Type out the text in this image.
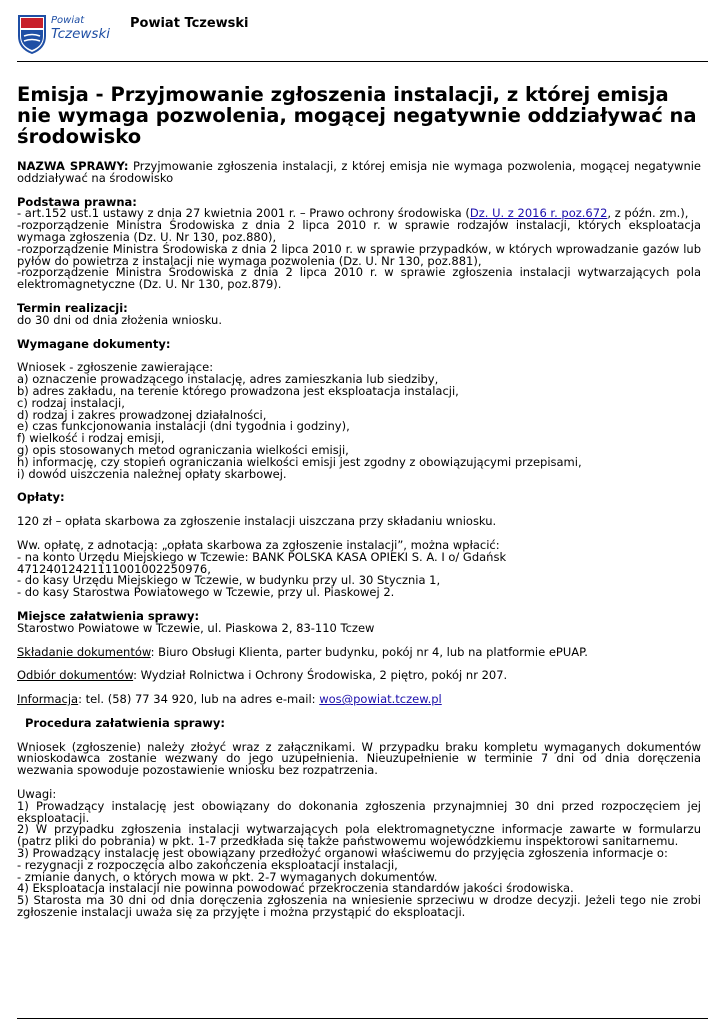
Powiat
Tczewski
Powiat Tczewski
Emisja - Przyjmowanie zgłoszenia instalacji, z której emisja nie wymaga pozwolenia, mogącej negatywnie oddziaływać na środowisko

NAZWA SPRAWY: Przyjmowanie zgłoszenia instalacji, z której emisja nie wymaga pozwolenia, mogącej negatywnie oddziaływać na środowisko

Podstawa prawna:

- art.152 ust.1 ustawy z dnia 27 kwietnia 2001 r. – Prawo ochrony środowiska (Dz. U. z 2016 r. poz.672, z późn. zm.),

-rozporządzenie Ministra Środowiska z dnia 2 lipca 2010 r. w sprawie rodzajów instalacji, których eksploatacja wymaga zgłoszenia (Dz. U. Nr 130, poz.880),

-rozporządzenie Ministra Środowiska z dnia 2 lipca 2010 r. w sprawie przypadków, w których wprowadzanie gazów lub pyłów do powietrza z instalacji nie wymaga pozwolenia (Dz. U. Nr 130, poz.881),

-rozporządzenie Ministra Środowiska z dnia 2 lipca 2010 r. w sprawie zgłoszenia instalacji wytwarzających pola elektromagnetyczne (Dz. U. Nr 130, poz.879).

Termin realizacji:

do 30 dni od dnia złożenia wniosku.

Wymagane dokumenty:

Wniosek - zgłoszenie zawierające:

a) oznaczenie prowadzącego instalację, adres zamieszkania lub siedziby,

b) adres zakładu, na terenie którego prowadzona jest eksploatacja instalacji,

c) rodzaj instalacji,

d) rodzaj i zakres prowadzonej działalności,

e) czas funkcjonowania instalacji (dni tygodnia i godziny),

f) wielkość i rodzaj emisji,

g) opis stosowanych metod ograniczania wielkości emisji,

h) informację, czy stopień ograniczania wielkości emisji jest zgodny z obowiązującymi przepisami,

i) dowód uiszczenia należnej opłaty skarbowej.

Opłaty:

120 zł – opłata skarbowa za zgłoszenie instalacji uiszczana przy składaniu wniosku.

Ww. opłatę, z adnotacją: „opłata skarbowa za zgłoszenie instalacji”, można wpłacić:

- na konto Urzędu Miejskiego w Tczewie: BANK POLSKA KASA OPIEKI S. A. I o/ Gdańsk

47124012421111001002250976,

- do kasy Urzędu Miejskiego w Tczewie, w budynku przy ul. 30 Stycznia 1,

- do kasy Starostwa Powiatowego w Tczewie, przy ul. Piaskowej 2.

Miejsce załatwienia sprawy:

Starostwo Powiatowe w Tczewie, ul. Piaskowa 2, 83-110 Tczew

Składanie dokumentów: Biuro Obsługi Klienta, parter budynku, pokój nr 4, lub na platformie ePUAP.

Odbiór dokumentów: Wydział Rolnictwa i Ochrony Środowiska, 2 piętro, pokój nr 207.

Informacja: tel. (58) 77 34 920, lub na adres e-mail: wos@powiat.tczew.pl

Procedura załatwienia sprawy:

Wniosek (zgłoszenie) należy złożyć wraz z załącznikami. W przypadku braku kompletu wymaganych dokumentów wnioskodawca zostanie wezwany do jego uzupełnienia. Nieuzupełnienie w terminie 7 dni od dnia doręczenia wezwania spowoduje pozostawienie wniosku bez rozpatrzenia.

Uwagi:

1) Prowadzący instalację jest obowiązany do dokonania zgłoszenia przynajmniej 30 dni przed rozpoczęciem jej eksploatacji.

2) W przypadku zgłoszenia instalacji wytwarzających pola elektromagnetyczne informacje zawarte w formularzu (patrz pliki do pobrania) w pkt. 1-7 przedkłada się także państwowemu wojewódzkiemu inspektorowi sanitarnemu.

3) Prowadzący instalację jest obowiązany przedłożyć organowi właściwemu do przyjęcia zgłoszenia informacje o:

- rezygnacji z rozpoczęcia albo zakończenia eksploatacji instalacji,

- zmianie danych, o których mowa w pkt. 2-7 wymaganych dokumentów.

4) Eksploatacja instalacji nie powinna powodować przekroczenia standardów jakości środowiska.

5) Starosta ma 30 dni od dnia doręczenia zgłoszenia na wniesienie sprzeciwu w drodze decyzji. Jeżeli tego nie zrobi zgłoszenie instalacji uważa się za przyjęte i można przystąpić do eksploatacji.
